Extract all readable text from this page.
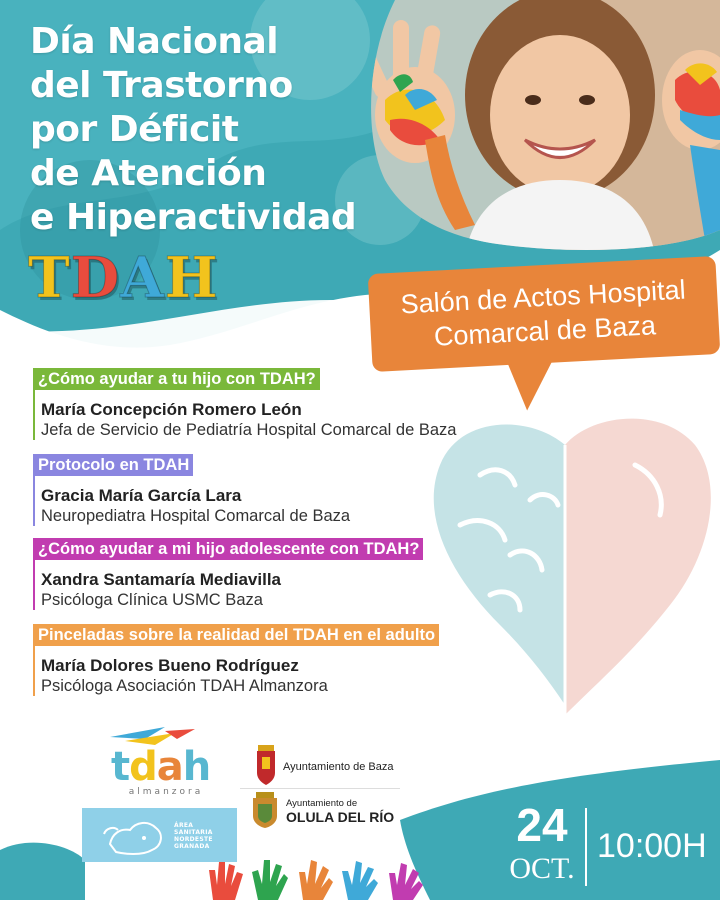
Día Nacional
del Trastorno
por Déficit
de Atención
e Hiperactividad
TDAH	Salón de Actos Hospital
Comarcal de Baza
¿Cómo ayudar a tu hijo con TDAH?
María Concepción Romero León
Jefa de Servicio de Pediatría Hospital Comarcal de Baza
Protocolo en TDAH
Gracia María García Lara
Neuropediatra Hospital Comarcal de Baza
¿Cómo ayudar a mi hijo adolescente con TDAH?
Xandra Santamaría Mediavilla
Psicóloga Clínica USMC Baza
Pinceladas sobre la realidad del TDAH en el adulto
María Dolores Bueno Rodríguez
Psicóloga Asociación TDAH Almanzora
tdah
almanzora
Ayuntamiento de Baza
Ayuntamiento de
OLULA DEL RÍO
ÁREA
SANITARIA
NORDESTE
GRANADA	24
OCT.
10:00H
